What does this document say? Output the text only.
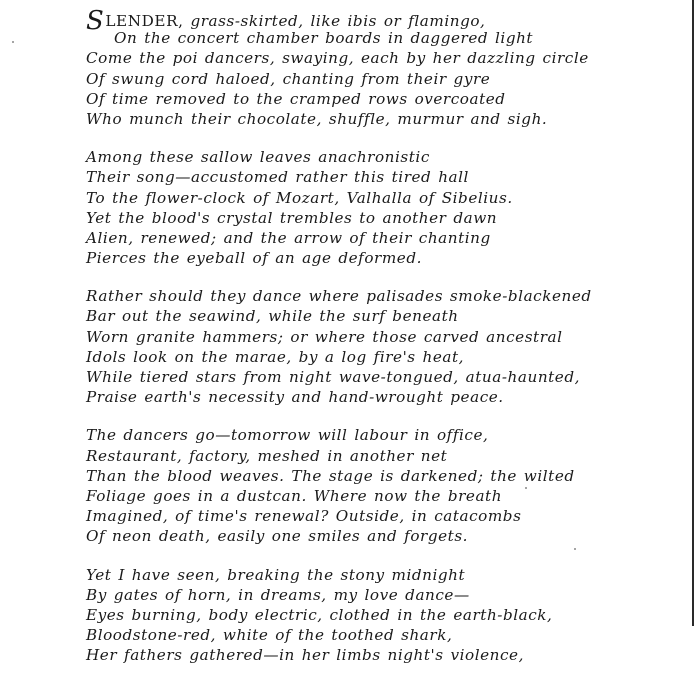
SLENDER, grass-skirted, like ibis or flamingo,
On the concert chamber boards in daggered light
Come the poi dancers, swaying, each by her dazzling circle
Of swung cord haloed, chanting from their gyre
Of time removed to the cramped rows overcoated
Who munch their chocolate, shuffle, murmur and sigh.
Among these sallow leaves anachronistic
Their song—accustomed rather this tired hall
To the flower-clock of Mozart, Valhalla of Sibelius.
Yet the blood's crystal trembles to another dawn
Alien, renewed; and the arrow of their chanting
Pierces the eyeball of an age deformed.
Rather should they dance where palisades smoke-blackened
Bar out the seawind, while the surf beneath
Worn granite hammers; or where those carved ancestral
Idols look on the marae, by a log fire's heat,
While tiered stars from night wave-tongued, atua-haunted,
Praise earth's necessity and hand-wrought peace.
The dancers go—tomorrow will labour in office,
Restaurant, factory, meshed in another net
Than the blood weaves. The stage is darkened; the wilted
Foliage goes in a dustcan. Where now the breath
Imagined, of time's renewal? Outside, in catacombs
Of neon death, easily one smiles and forgets.
Yet I have seen, breaking the stony midnight
By gates of horn, in dreams, my love dance—
Eyes burning, body electric, clothed in the earth-black,
Bloodstone-red, white of the toothed shark,
Her fathers gathered—in her limbs night's violence,
